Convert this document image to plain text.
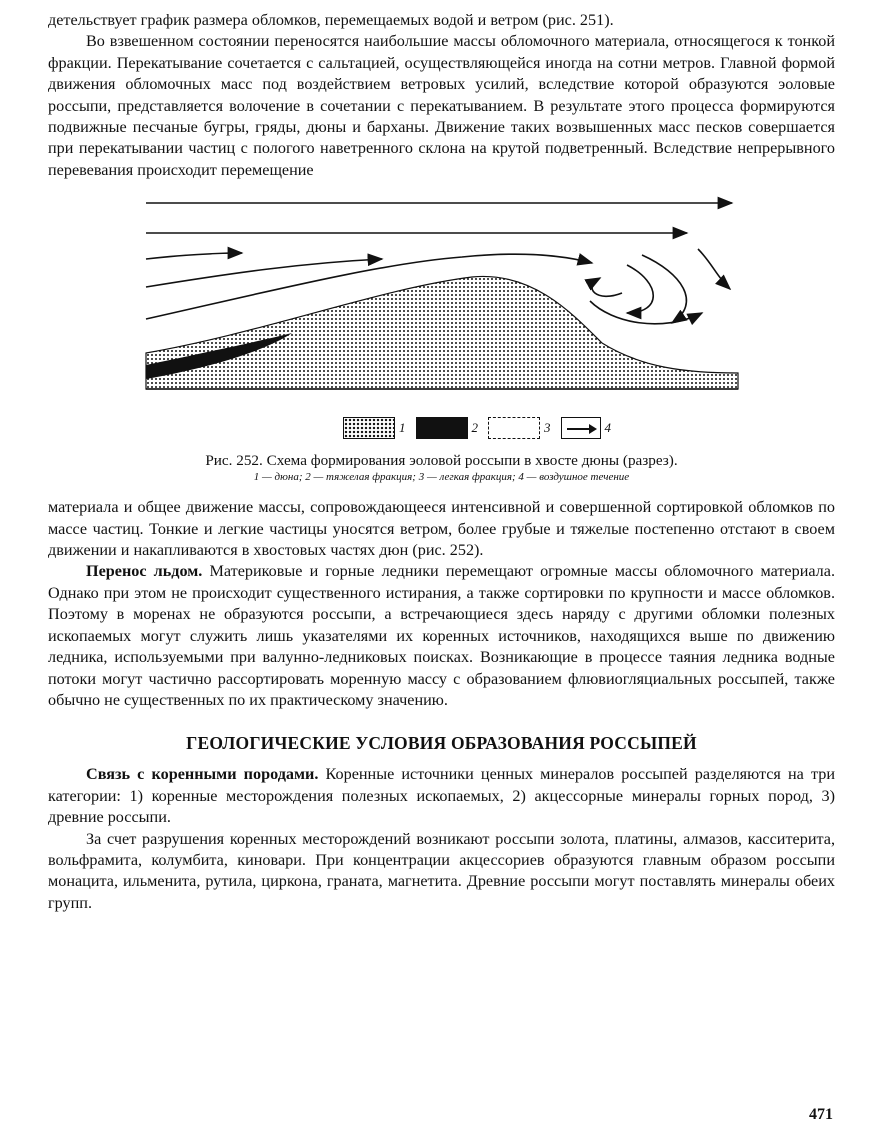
детельствует график размера обломков, перемещаемых водой и ветром (рис. 251).

Во взвешенном состоянии переносятся наибольшие массы обломочного материала, относящегося к тонкой фракции. Перекатывание сочетается с сальтацией, осуществляющейся иногда на сотни метров. Главной формой движения обломочных масс под воздействием ветровых усилий, вследствие которой образуются эоловые россыпи, представляется волочение в сочетании с перекатыванием. В результате этого процесса формируются подвижные песчаные бугры, гряды, дюны и барханы. Движение таких возвышенных масс песков совершается при перекатывании частиц с пологого наветренного склона на крутой подветренный. Вследствие непрерывного перевевания происходит перемещение

1	2	3	4
Рис. 252. Схема формирования эоловой россыпи в хвосте дюны (разрез).
1 — дюна; 2 — тяжелая фракция; 3 — легкая фракция; 4 — воздушное течение

материала и общее движение массы, сопровождающееся интенсивной и совершенной сортировкой обломков по массе частиц. Тонкие и легкие частицы уносятся ветром, более грубые и тяжелые постепенно отстают в своем движении и накапливаются в хвостовых частях дюн (рис. 252).

Перенос льдом. Материковые и горные ледники перемещают огромные массы обломочного материала. Однако при этом не происходит существенного истирания, а также сортировки по крупности и массе обломков. Поэтому в моренах не образуются россыпи, а встречающиеся здесь наряду с другими обломки полезных ископаемых могут служить лишь указателями их коренных источников, находящихся выше по движению ледника, используемыми при валунно-ледниковых поисках. Возникающие в процессе таяния ледника водные потоки могут частично рассортировать моренную массу с образованием флювиогляциальных россыпей, также обычно не существенных по их практическому значению.

ГЕОЛОГИЧЕСКИЕ УСЛОВИЯ ОБРАЗОВАНИЯ РОССЫПЕЙ

Связь с коренными породами. Коренные источники ценных минералов россыпей разделяются на три категории: 1) коренные месторождения полезных ископаемых, 2) акцессорные минералы горных пород, 3) древние россыпи.

За счет разрушения коренных месторождений возникают россыпи золота, платины, алмазов, касситерита, вольфрамита, колумбита, киновари. При концентрации акцессориев образуются главным образом россыпи монацита, ильменита, рутила, циркона, граната, магнетита. Древние россыпи могут поставлять минералы обеих групп.

471
